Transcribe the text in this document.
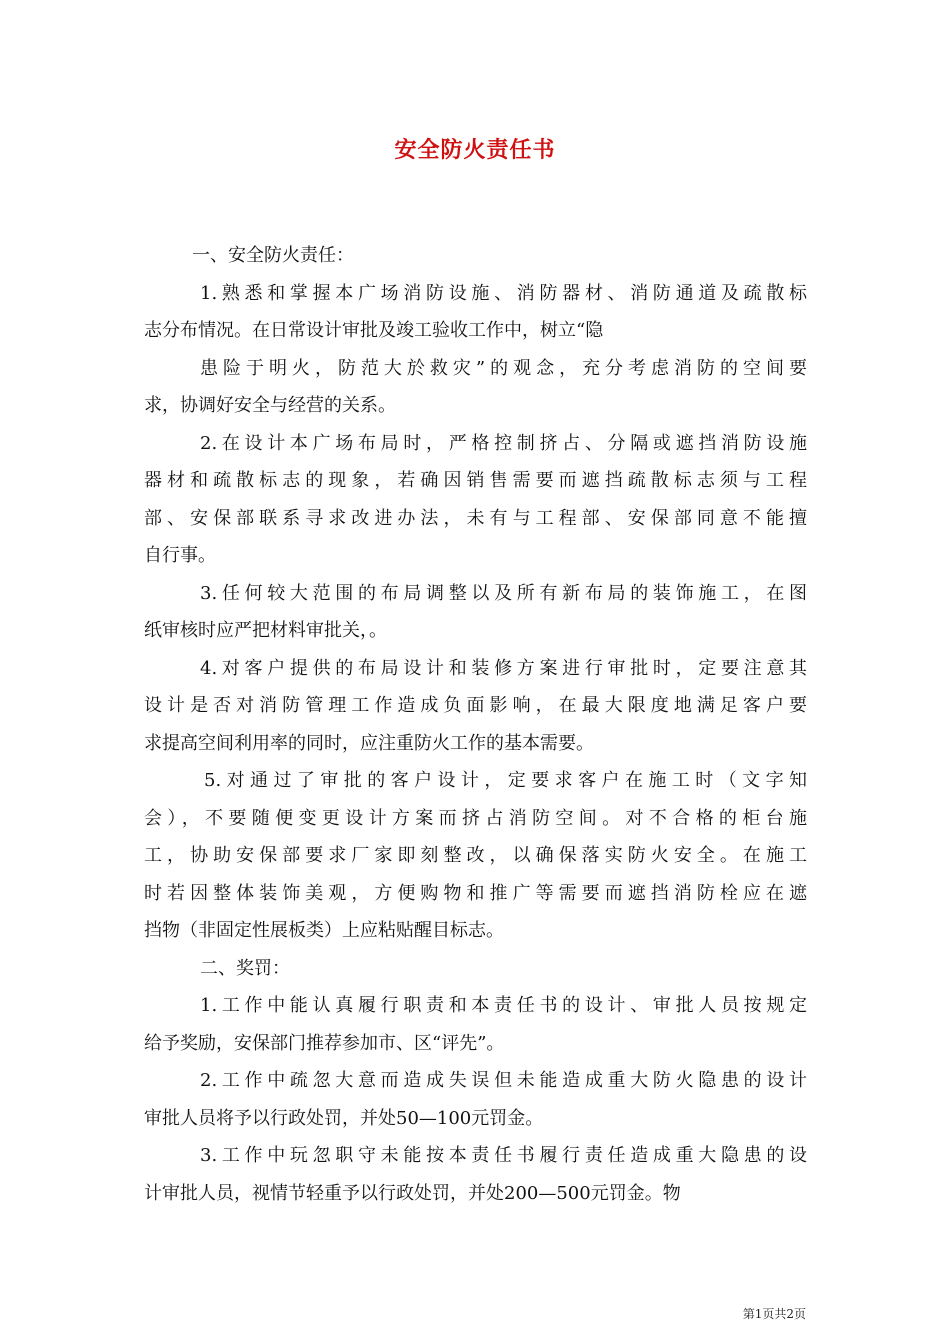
安全防火责任书
一、安全防火责任：
1.熟悉和掌握本广场消防设施、消防器材、消防通道及疏散标
志分布情况。在日常设计审批及竣工验收工作中，树立“隐
患险于明火，防范大於救灾”的观念，充分考虑消防的空间要
求，协调好安全与经营的关系。
2.在设计本广场布局时，严格控制挤占、分隔或遮挡消防设施
器材和疏散标志的现象，若确因销售需要而遮挡疏散标志须与工程
部、安保部联系寻求改进办法，未有与工程部、安保部同意不能擅
自行事。
3.任何较大范围的布局调整以及所有新布局的装饰施工，在图
纸审核时应严把材料审批关，。
4.对客户提供的布局设计和装修方案进行审批时，定要注意其
设计是否对消防管理工作造成负面影响，在最大限度地满足客户要
求提高空间利用率的同时，应注重防火工作的基本需要。
5.对通过了审批的客户设计，定要求客户在施工时（文字知
会），不要随便变更设计方案而挤占消防空间。对不合格的柜台施
工，协助安保部要求厂家即刻整改，以确保落实防火安全。在施工
时若因整体装饰美观，方便购物和推广等需要而遮挡消防栓应在遮
挡物（非固定性展板类）上应粘贴醒目标志。
二、奖罚：
1.工作中能认真履行职责和本责任书的设计、审批人员按规定
给予奖励，安保部门推荐参加市、区“评先”。
2.工作中疏忽大意而造成失误但未能造成重大防火隐患的设计
审批人员将予以行政处罚，并处50—100元罚金。
3.工作中玩忽职守未能按本责任书履行责任造成重大隐患的设
计审批人员，视情节轻重予以行政处罚，并处200—500元罚金。物
第1页共2页
